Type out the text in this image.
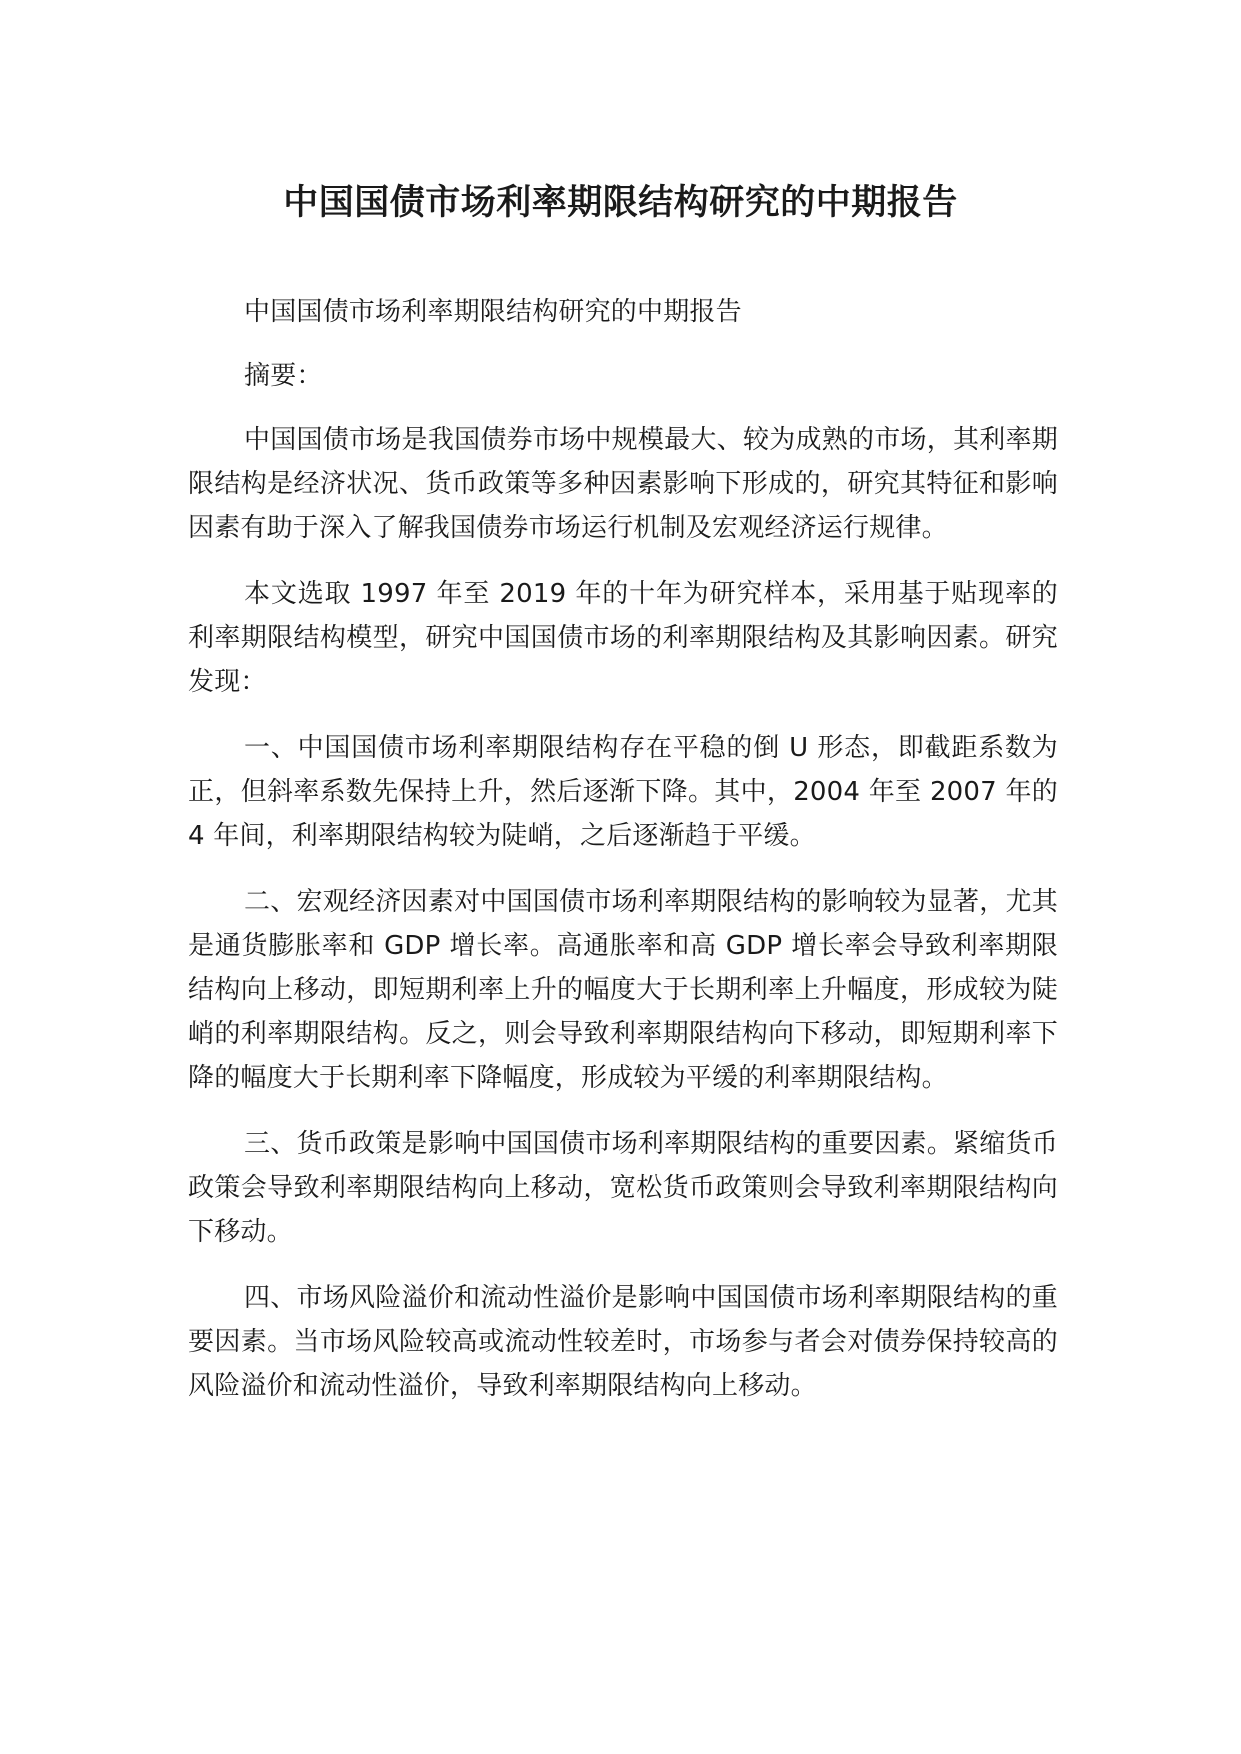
中国国债市场利率期限结构研究的中期报告

中国国债市场利率期限结构研究的中期报告

摘要：

中国国债市场是我国债券市场中规模最大、较为成熟的市场，其利率期限结构是经济状况、货币政策等多种因素影响下形成的，研究其特征和影响因素有助于深入了解我国债券市场运行机制及宏观经济运行规律。

本文选取 1997 年至 2019 年的十年为研究样本，采用基于贴现率的利率期限结构模型，研究中国国债市场的利率期限结构及其影响因素。研究发现：

一、中国国债市场利率期限结构存在平稳的倒 U 形态，即截距系数为正，但斜率系数先保持上升，然后逐渐下降。其中，2004 年至 2007 年的 4 年间，利率期限结构较为陡峭，之后逐渐趋于平缓。

二、宏观经济因素对中国国债市场利率期限结构的影响较为显著，尤其是通货膨胀率和 GDP 增长率。高通胀率和高 GDP 增长率会导致利率期限结构向上移动，即短期利率上升的幅度大于长期利率上升幅度，形成较为陡峭的利率期限结构。反之，则会导致利率期限结构向下移动，即短期利率下降的幅度大于长期利率下降幅度，形成较为平缓的利率期限结构。

三、货币政策是影响中国国债市场利率期限结构的重要因素。紧缩货币政策会导致利率期限结构向上移动，宽松货币政策则会导致利率期限结构向下移动。

四、市场风险溢价和流动性溢价是影响中国国债市场利率期限结构的重要因素。当市场风险较高或流动性较差时，市场参与者会对债券保持较高的风险溢价和流动性溢价，导致利率期限结构向上移动。
